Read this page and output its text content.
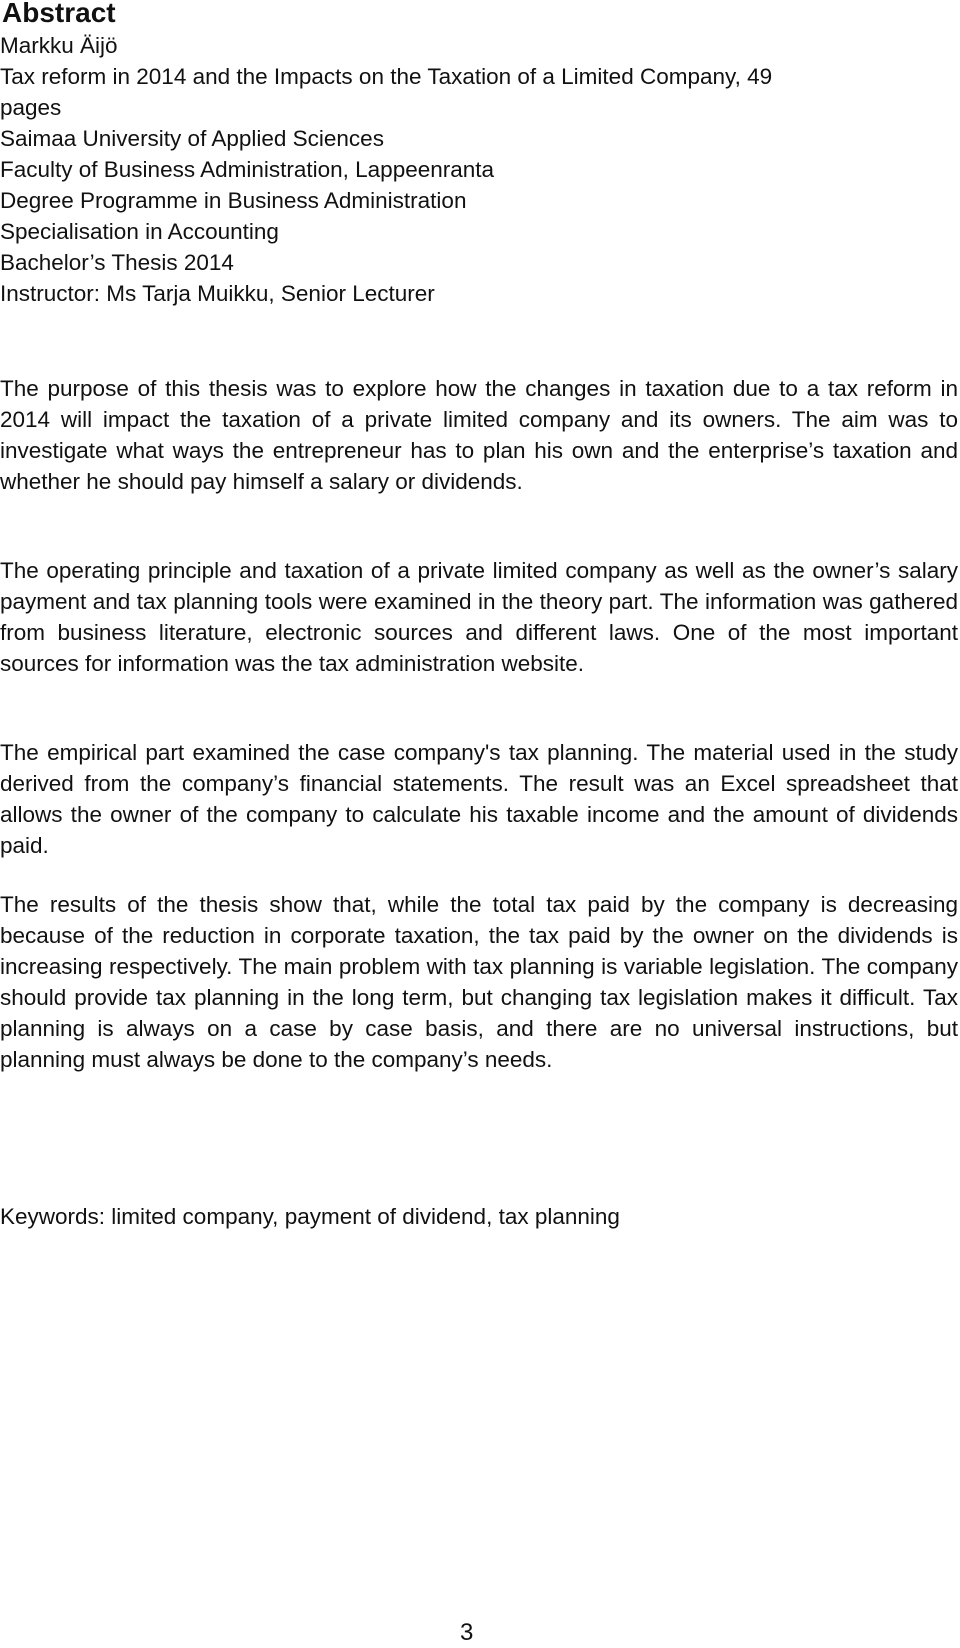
Abstract
Markku Äijö
Tax reform in 2014 and the Impacts on the Taxation of a Limited Company, 49
pages
Saimaa University of Applied Sciences
Faculty of Business Administration, Lappeenranta
Degree Programme in Business Administration
Specialisation in Accounting
Bachelor’s Thesis 2014
Instructor: Ms Tarja Muikku, Senior Lecturer

The purpose of this thesis was to explore how the changes in taxation due to a tax reform in 2014 will impact the taxation of a private limited company and its owners. The aim was to investigate what ways the entrepreneur has to plan his own and the enterprise’s taxation and whether he should pay himself a salary or dividends.

The operating principle and taxation of a private limited company as well as the owner’s salary payment and tax planning tools were examined in the theory part. The information was gathered from business literature, electronic sources and different laws. One of the most important sources for information was the tax administration website.

The empirical part examined the case company's tax planning. The material used in the study derived from the company’s financial statements. The result was an Excel spreadsheet that allows the owner of the company to calculate his taxable income and the amount of dividends paid.

The results of the thesis show that, while the total tax paid by the company is decreasing because of the reduction in corporate taxation, the tax paid by the owner on the dividends is increasing respectively. The main problem with tax planning is variable legislation. The company should provide tax planning in the long term, but changing tax legislation makes it difficult. Tax planning is always on a case by case basis, and there are no universal instructions, but planning must always be done to the company’s needs.

Keywords: limited company, payment of dividend, tax planning
3
